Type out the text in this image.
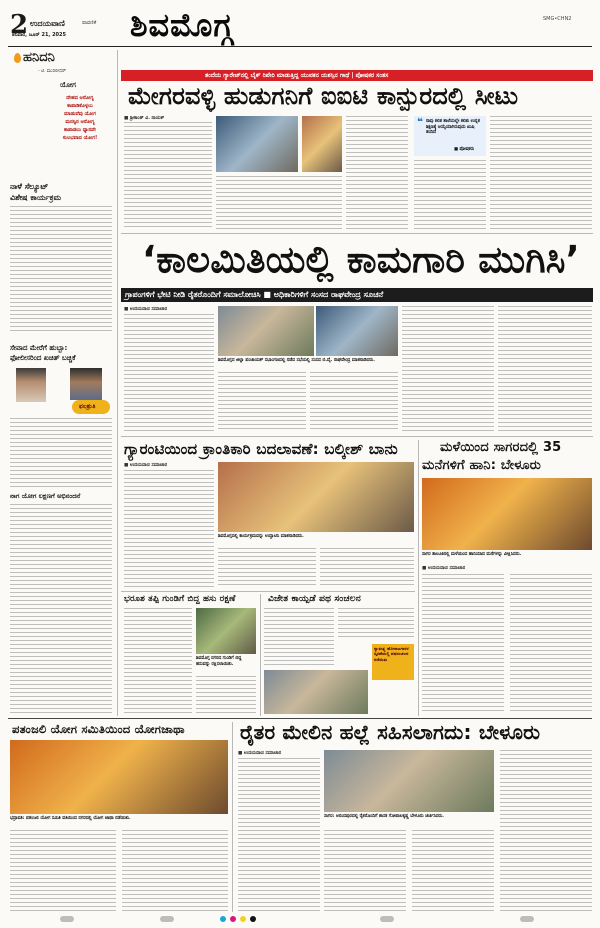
2 ಉದಯವಾಣಿ	ಪಾವಣಿಕೆ
ಶನಿವಾರ, ಜೂನ್ 21, 2025 ಶಿವಮೊಗ್ಗ	SMG•CHN2
ಹನಿದನಿ
- ಟಿ. ಮುರಲೀಧರ್
ಯೋಗ
ದೇಹದ ಆರೋಗ್ಯ
ಕಾಪಾಡಿಕೊಳ್ಳಲು
ಮಾಡುವೆವು ಯೋಗ
ಮನಸ್ಸಿನ ಆರೋಗ್ಯ
ಕಾಪಾಡಲು ಧ್ಯಾನವೇ
ಸುಲಭವಾದ ಯೋಗ!
ನಾಳೆ ಸೆಲ್ಯೂಟ್
ವಿಶೇಷ ಕಾರ್ಯಕ್ರಮ
ಸೇವಾದ ಮೇರೆಗೆ ಹುಬ್ಬಾ:
ಫೋಲೀಸರಿಂದ ಖಚಿತ್ ಬಚ್ಚಿಕೆ
ಫಲಶ್ರುತಿ
ನಾಗ ಯೋಗ ಲಕ್ಷಣಗೆ ಅಭಿನಂದನೆ
ತಂದೆಯ ಗ್ಯಾರೇಜ್‌ನಲ್ಲಿ ಬೈಕ್ ರಿಪೇರಿ ಮಾಡುತ್ತಿದ್ದ ಯುವಕನ ಯಶಸ್ಸಿನ ಗಾಥೆ | ಪೋಷಕರ ಸಂತಸ
ಮೇಗರವಳ್ಳಿ ಹುಡುಗನಿಗೆ ಐಐಟಿ ಕಾನ್ಪುರದಲ್ಲಿ ಸೀಟು
■ ಶ್ರೀಕಾಂತ್ ವಿ. ನಾಯಕ್	❝ ನಾವು ಕಲಿತ ಶಾಲೆಯಲ್ಲೇ ಕಲಿತು ಉನ್ನತ ಶಿಕ್ಷಣಕ್ಕೆ ಆಯ್ಕೆಯಾಗಿರುವುದು ಖುಷಿ ತಂದಿದೆ
■ ಪೋಷಕರು
‘ಕಾಲಮಿತಿಯಲ್ಲಿ ಕಾಮಗಾರಿ ಮುಗಿಸಿ’
ಗ್ರಾಪಂಗಳಿಗೆ ಭೇಟಿ ನೀಡಿ ರೈತರೊಂದಿಗೆ ಸಮಾಲೋಚಿಸಿ ■ ಅಧಿಕಾರಿಗಳಿಗೆ ಸಂಸದ ರಾಘವೇಂದ್ರ ಸೂಚನೆ
■ ಉದಯವಾಣಿ ಸಮಾಚಾರ
ಶಿವಮೊಗ್ಗದ ಜಿಲ್ಲಾ ಪಂಚಾಯತ್ ಸಭಾಂಗಣದಲ್ಲಿ ನಡೆದ ಸಭೆಯಲ್ಲಿ ಸಂಸದ ಬಿ.ವೈ. ರಾಘವೇಂದ್ರ ಮಾತನಾಡಿದರು.
ಗ್ಯಾರಂಟಿಯಿಂದ ಕ್ರಾಂತಿಕಾರಿ ಬದಲಾವಣೆ: ಬಲ್ಕೀಶ್ ಬಾನು
■ ಉದಯವಾಣಿ ಸಮಾಚಾರ
ಶಿವಮೊಗ್ಗದಲ್ಲಿ ಕಾರ್ಯಕ್ರಮವನ್ನು ಉದ್ಘಾಟಿಸಿ ಮಾತನಾಡಿದರು.
ಮಳೆಯಿಂದ ಸಾಗರದಲ್ಲಿ 35
ಮನೆಗಳಿಗೆ ಹಾನಿ: ಬೇಳೂರು
ಸಾಗರ ತಾಲೂಕಿನಲ್ಲಿ ಮಳೆಯಿಂದ ಹಾನಿಯಾದ ಮನೆಗಳನ್ನು ವೀಕ್ಷಿಸಿದರು.
■ ಉದಯವಾಣಿ ಸಮಾಚಾರ
ಭರೂಶ ತಪ್ಪಿ ಗುಂಡಿಗೆ ಬಿದ್ದ ಹಸು ರಕ್ಷಣೆ
ಶಿವಮೊಗ್ಗ ನಗರದ ಗುಂಡಿಗೆ ಬಿದ್ದ ಹಸುವನ್ನು ರಕ್ಷಿಸಲಾಯಿತು.
ವಿಜೇತ ಕಾಯ್ಪಡೆ ಪಥ ಸಂಚಲನ
ಸ್ವಾತಂತ್ರ್ಯ ಹೋರಾಟಗಾರರ ಸ್ಮರಣೆಯಲ್ಲಿ ಪಥಸಂಚಲನ ನಡೆಯಿತು
ಪತಂಜಲಿ ಯೋಗ ಸಮಿತಿಯಿಂದ ಯೋಗಜಾಥಾ
ಭದ್ರಾವತಿ: ಪತಂಜಲಿ ಯೋಗ ಸಮಿತಿ ವತಿಯಿಂದ ನಗರದಲ್ಲಿ ಯೋಗ ಜಾಥಾ ನಡೆಯಿತು.
ರೈತರ ಮೇಲಿನ ಹಲ್ಲೆ ಸಹಿಸಲಾಗದು: ಬೇಳೂರು
■ ಉದಯವಾಣಿ ಸಮಾಚಾರ
ಸಾಗರ: ಆನಂದಪುರದಲ್ಲಿ ರೈತರೊಂದಿಗೆ ಶಾಸಕ ಗೋಪಾಲಕೃಷ್ಣ ಬೇಳೂರು ಚರ್ಚಿಸಿದರು.
